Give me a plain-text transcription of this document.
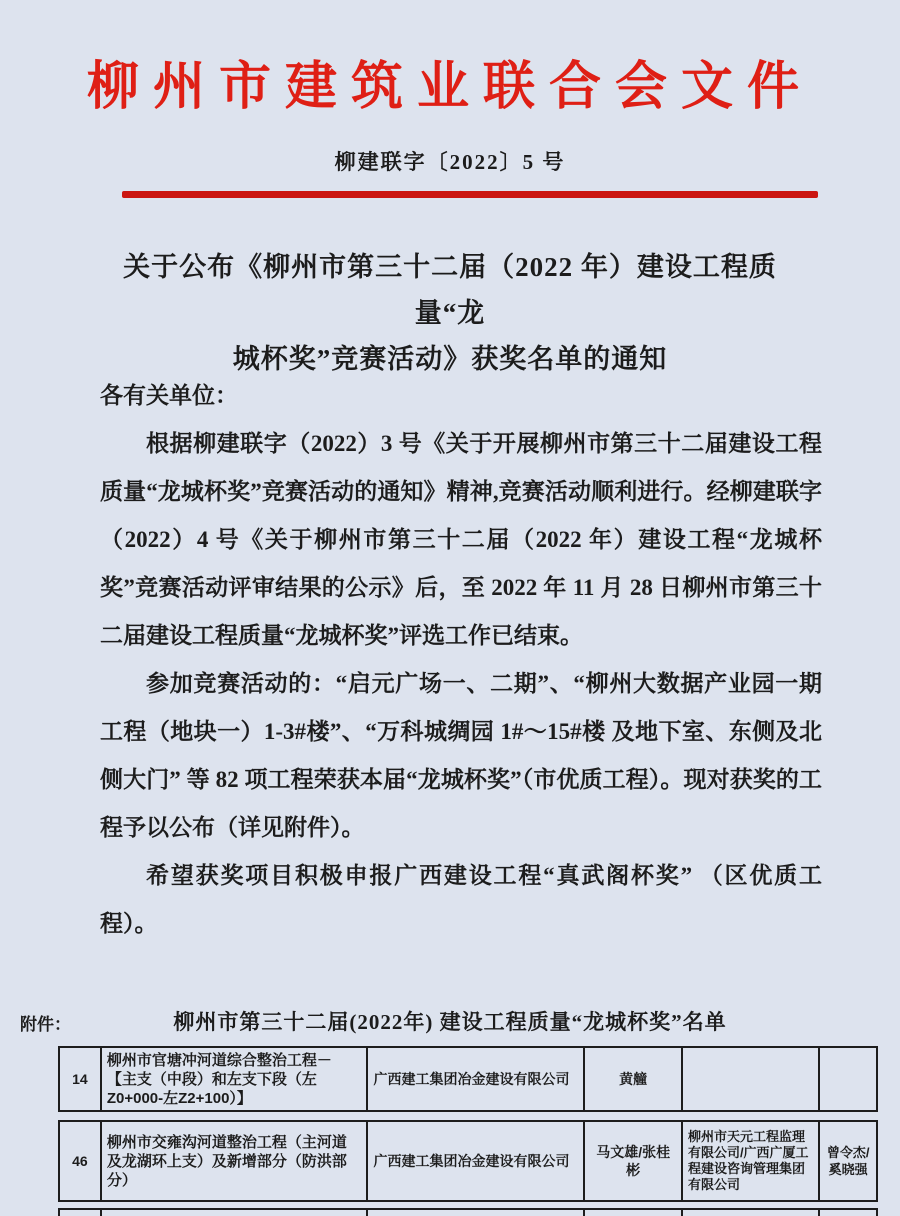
柳州市建筑业联合会文件
柳建联字〔2022〕5 号
关于公布《柳州市第三十二届（2022 年）建设工程质量“龙
城杯奖”竞赛活动》获奖名单的通知

各有关单位：

根据柳建联字（2022）3 号《关于开展柳州市第三十二届建设工程质量“龙城杯奖”竞赛活动的通知》精神,竞赛活动顺利进行。经柳建联字（2022）4 号《关于柳州市第三十二届（2022 年）建设工程“龙城杯奖”竞赛活动评审结果的公示》后，至 2022 年 11 月 28 日柳州市第三十二届建设工程质量“龙城杯奖”评选工作已结束。

参加竞赛活动的：“启元广场一、二期”、“柳州大数据产业园一期工程（地块一）1-3#楼”、“万科城绸园 1#～15#楼 及地下室、东侧及北侧大门” 等 82 项工程荣获本届“龙城杯奖”（市优质工程）。现对获奖的工程予以公布（详见附件）。

希望获奖项目积极申报广西建设工程“真武阁杯奖” （区优质工程）。

附件：	柳州市第三十二届(2022年) 建设工程质量“龙城杯奖”名单
14
柳州市官塘冲河道综合整治工程－【主支（中段）和左支下段（左Z0+000-左Z2+100）】
广西建工集团冶金建设有限公司	黄艟
46
柳州市交雍沟河道整治工程（主河道及龙湖环上支）及新增部分（防洪部分）
广西建工集团冶金建设有限公司
马文雄/张桂彬
柳州市天元工程监理有限公司/广西广厦工程建设咨询管理集团有限公司
曾令杰/奚晓强
